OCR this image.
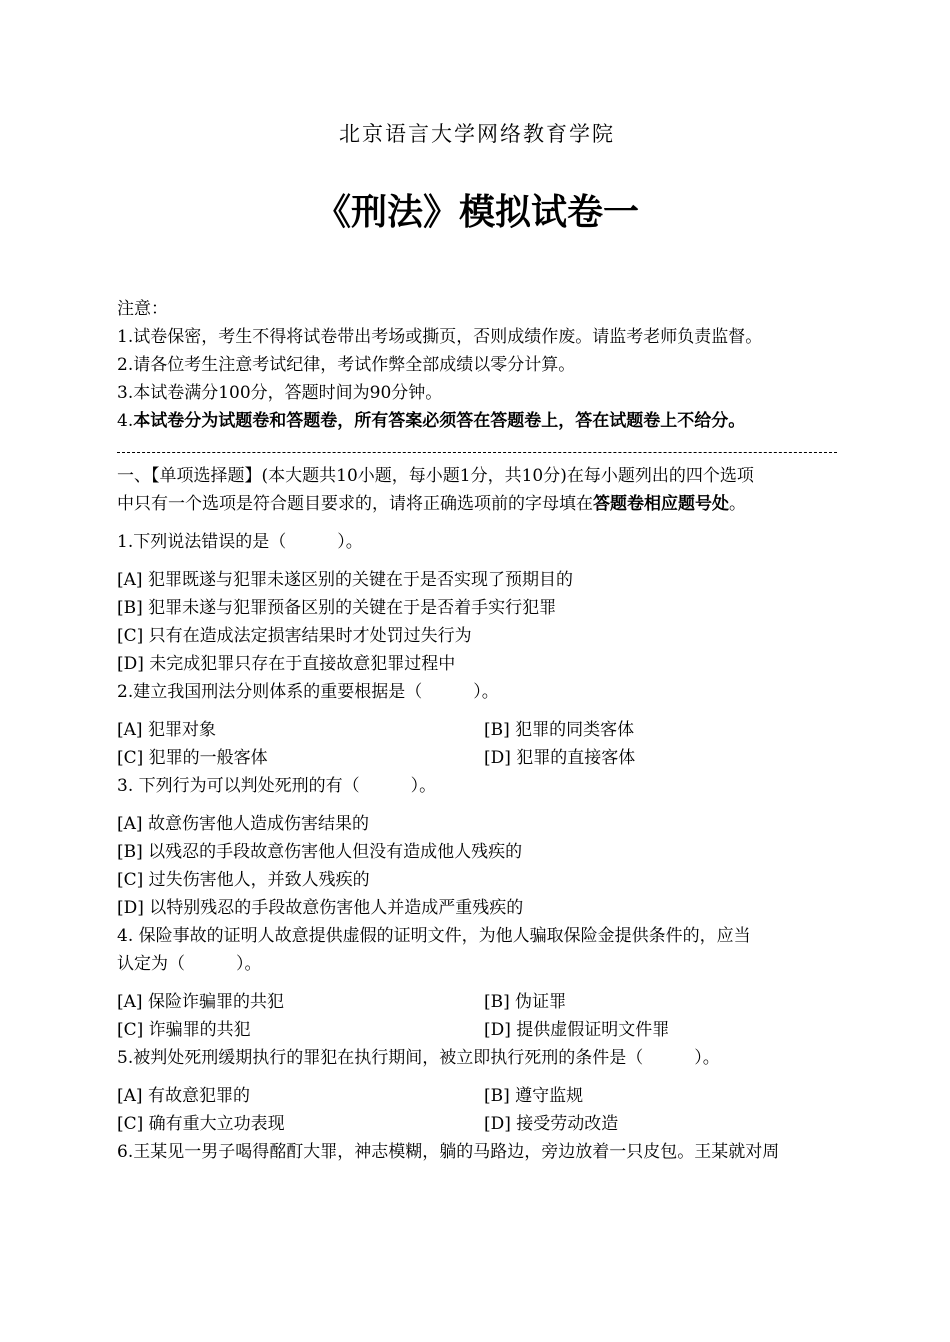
北京语言大学网络教育学院
《刑法》模拟试卷一
注意：
1.试卷保密，考生不得将试卷带出考场或撕页，否则成绩作废。请监考老师负责监督。
2.请各位考生注意考试纪律，考试作弊全部成绩以零分计算。
3.本试卷满分100分，答题时间为90分钟。
4.本试卷分为试题卷和答题卷，所有答案必须答在答题卷上，答在试题卷上不给分。
一、【单项选择题】(本大题共10小题，每小题1分，共10分)在每小题列出的四个选项
中只有一个选项是符合题目要求的，请将正确选项前的字母填在答题卷相应题号处。
1.下列说法错误的是（　　　）。
[A] 犯罪既遂与犯罪未遂区别的关键在于是否实现了预期目的
[B] 犯罪未遂与犯罪预备区别的关键在于是否着手实行犯罪
[C] 只有在造成法定损害结果时才处罚过失行为
[D] 未完成犯罪只存在于直接故意犯罪过程中
2.建立我国刑法分则体系的重要根据是（　　　）。
[A] 犯罪对象	[B] 犯罪的同类客体
[C] 犯罪的一般客体	[D] 犯罪的直接客体
3. 下列行为可以判处死刑的有（　　　）。
[A] 故意伤害他人造成伤害结果的
[B] 以残忍的手段故意伤害他人但没有造成他人残疾的
[C] 过失伤害他人，并致人残疾的
[D] 以特别残忍的手段故意伤害他人并造成严重残疾的
4. 保险事故的证明人故意提供虚假的证明文件，为他人骗取保险金提供条件的，应当
认定为（　　　）。
[A] 保险诈骗罪的共犯	[B] 伪证罪
[C] 诈骗罪的共犯	[D] 提供虚假证明文件罪
5.被判处死刑缓期执行的罪犯在执行期间，被立即执行死刑的条件是（　　　）。
[A] 有故意犯罪的	[B] 遵守监规
[C] 确有重大立功表现	[D] 接受劳动改造
6.王某见一男子喝得酩酊大罪，神志模糊，躺的马路边，旁边放着一只皮包。王某就对周
